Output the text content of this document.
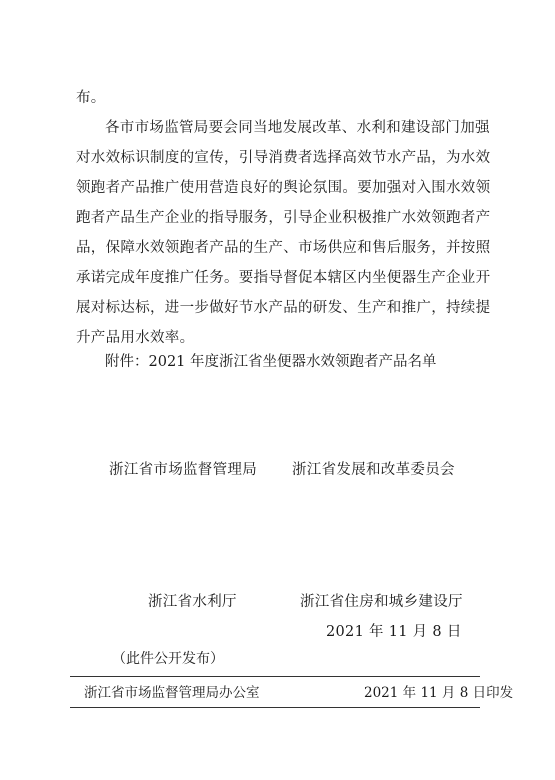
布。
各市市场监管局要会同当地发展改革、水利和建设部门加强
对水效标识制度的宣传，引导消费者选择高效节水产品，为水效
领跑者产品推广使用营造良好的舆论氛围。要加强对入围水效领
跑者产品生产企业的指导服务，引导企业积极推广水效领跑者产
品，保障水效领跑者产品的生产、市场供应和售后服务，并按照
承诺完成年度推广任务。要指导督促本辖区内坐便器生产企业开
展对标达标，进一步做好节水产品的研发、生产和推广，持续提
升产品用水效率。
附件：2021 年度浙江省坐便器水效领跑者产品名单
浙江省市场监督管理局 浙江省发展和改革委员会
浙江省水利厅	浙江省住房和城乡建设厅
2021 年 11 月 8 日
（此件公开发布）
浙江省市场监督管理局办公室	2021 年 11 月 8 日印发
